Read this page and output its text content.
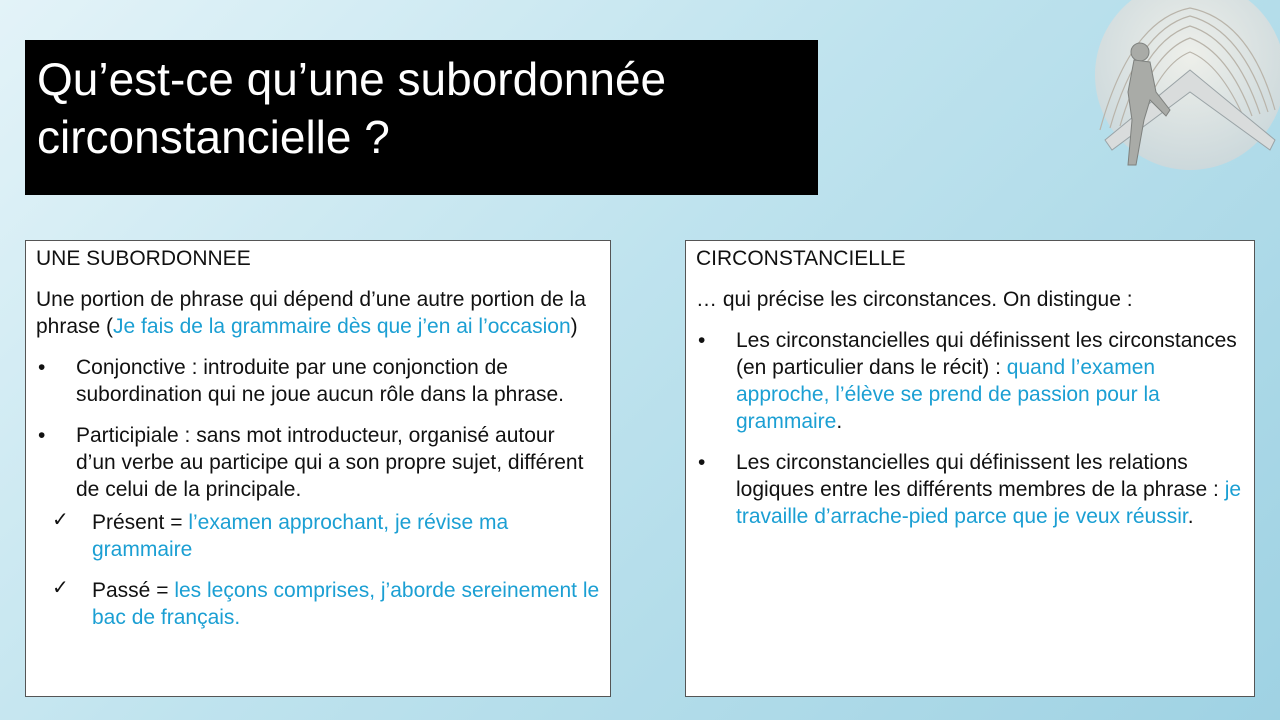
Qu’est-ce qu’une subordonnée
circonstancielle ?
UNE SUBORDONNEE

Une portion de phrase qui dépend d’une autre portion de la phrase (Je fais de la grammaire dès que j’en ai l’occasion)

•	Conjonctive : introduite par une conjonction de subordination qui ne joue aucun rôle dans la phrase.
•	Participiale : sans mot introducteur, organisé autour d’un verbe au participe qui a son propre sujet, différent de celui de la principale.
✓ Présent = l’examen approchant, je révise ma grammaire
✓ Passé = les leçons comprises, j’aborde sereinement le bac de français.
CIRCONSTANCIELLE

… qui précise les circonstances. On distingue :

•	Les circonstancielles qui définissent les circonstances (en particulier dans le récit) : quand l’examen approche, l’élève se prend de passion pour la grammaire.
•	Les circonstancielles qui définissent les relations logiques entre les différents membres de la phrase : je travaille d’arrache-pied parce que je veux réussir.
